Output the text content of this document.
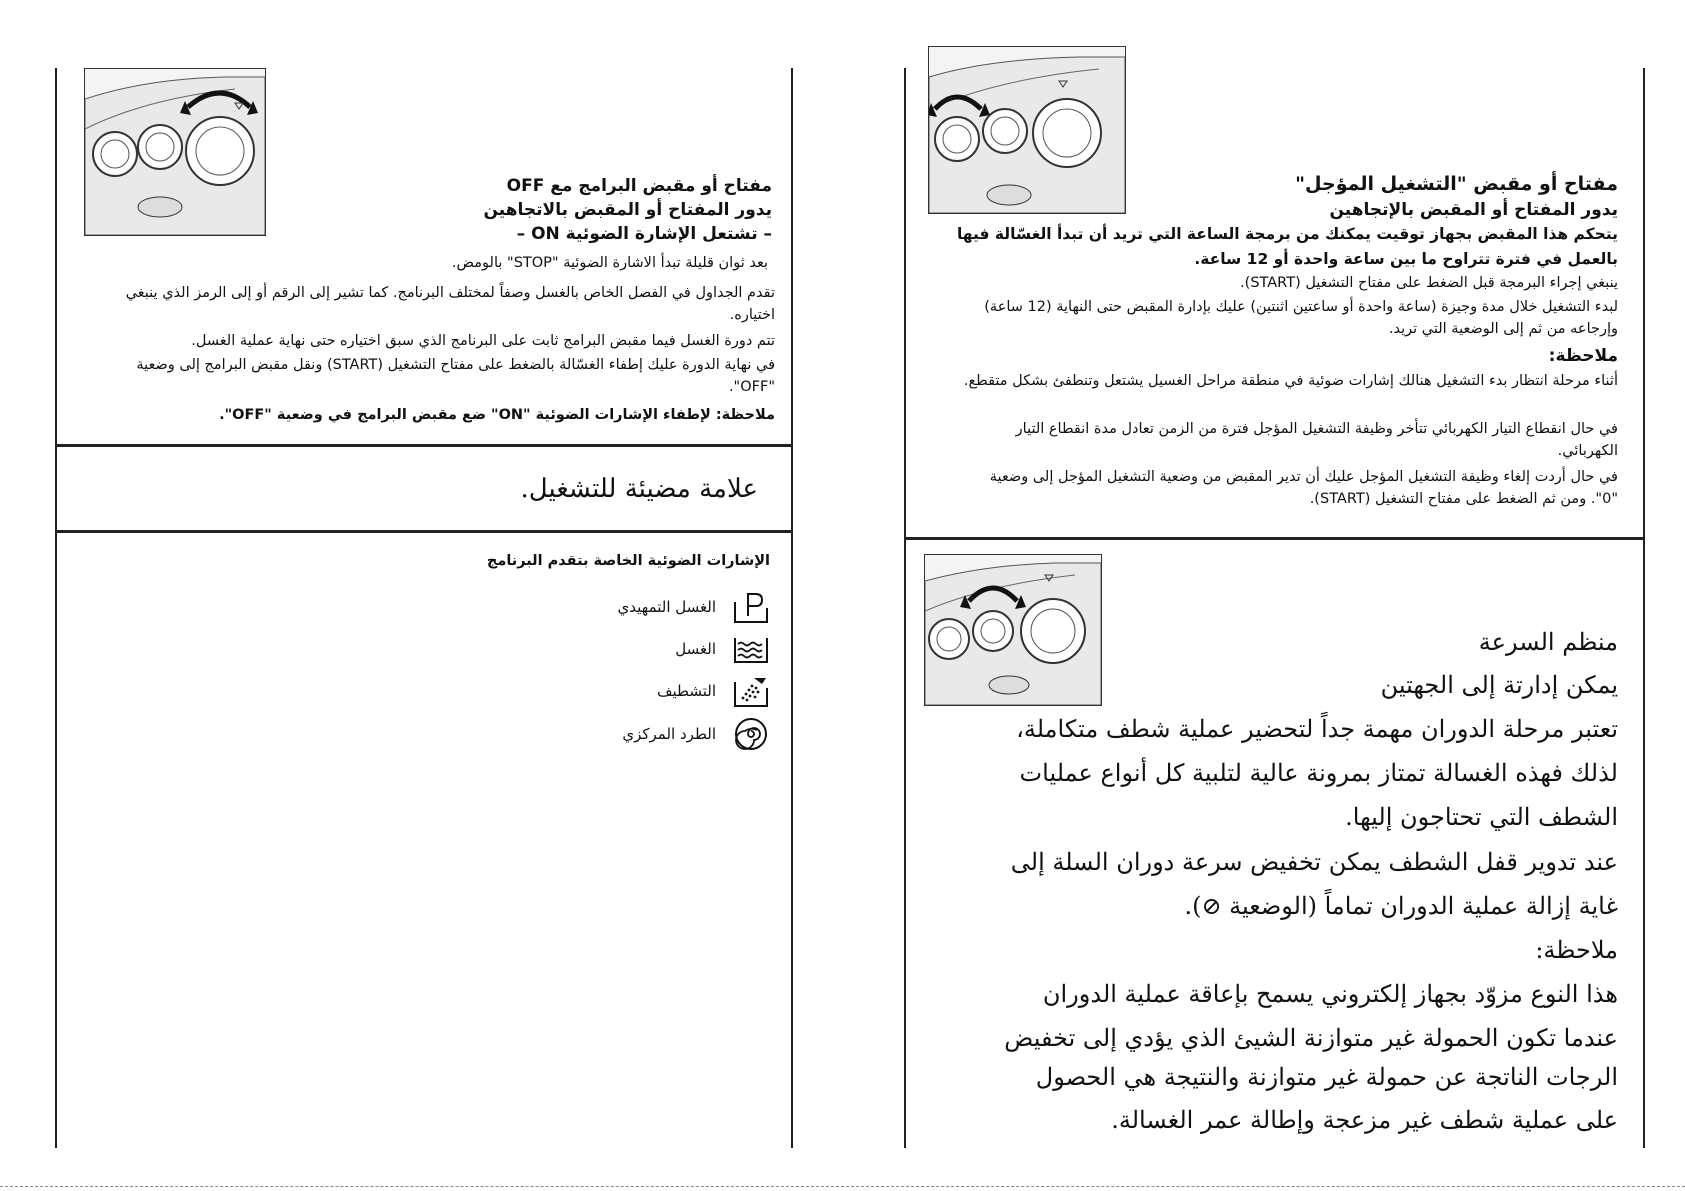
مفتاح أو مقبض البرامج مع OFF
يدور المفتاح أو المقبض بالاتجاهين
– تشتعل الإشارة الضوئية ON –
بعد ثوان قليلة تبدأ الاشارة الضوئية "STOP" بالومض.
تقدم الجداول في الفصل الخاص بالغسل وصفاً لمختلف البرنامج. كما تشير إلى الرقم أو إلى الرمز الذي ينبغي اختياره.
تتم دورة الغسل فيما مقبض البرامج ثابت على البرنامج الذي سبق اختياره حتى نهاية عملية الغسل.
في نهاية الدورة عليك إطفاء الغسّالة بالضغط على مفتاح التشغيل (START) ونقل مقبض البرامج إلى وضعية "OFF".
ملاحظة: لإطفاء الإشارات الضوئية "ON" ضع مقبض البرامج في وضعية "OFF".
علامة مضيئة للتشغيل.
الإشارات الضوئية الخاصة بتقدم البرنامج
الغسل التمهيدي
الغسل
التشطيف
الطرد المركزي
مفتاح أو مقبض "التشغيل المؤجل"
يدور المفتاح أو المقبض بالإتجاهين
يتحكم هذا المقبض بجهاز توقيت يمكنك من برمجة الساعة التي تريد أن تبدأ الغسّالة فيها بالعمل في فترة تتراوح ما بين ساعة واحدة أو 12 ساعة.
ينبغي إجراء البرمجة قبل الضغط على مفتاح التشغيل (START).
لبدء التشغيل خلال مدة وجيزة (ساعة واحدة أو ساعتين اثنتين) عليك بإدارة المقبض حتى النهاية (12 ساعة) وإرجاعه من ثم إلى الوضعية التي تريد.
ملاحظة:
أثناء مرحلة انتظار بدء التشغيل هنالك إشارات ضوئية في منطقة مراحل الغسيل يشتعل وتنطفئ بشكل متقطع.
في حال انقطاع التيار الكهربائي تتأخر وظيفة التشغيل المؤجل فترة من الزمن تعادل مدة انقطاع التيار الكهربائي.
في حال أردت إلغاء وظيفة التشغيل المؤجل عليك أن تدير المقبض من وضعية التشغيل المؤجل إلى وضعية "0". ومن ثم الضغط على مفتاح التشغيل (START).
منظم السرعة
يمكن إدارتة إلى الجهتين
تعتبر مرحلة الدوران مهمة جداً لتحضير عملية شطف متكاملة،
لذلك فهذه الغسالة تمتاز بمرونة عالية لتلبية كل أنواع عمليات
الشطف التي تحتاجون إليها.
عند تدوير قفل الشطف يمكن تخفيض سرعة دوران السلة إلى
غاية إزالة عملية الدوران تماماً (الوضعية ⊘).
ملاحظة:
هذا النوع مزوّد بجهاز إلكتروني يسمح بإعاقة عملية الدوران
عندما تكون الحمولة غير متوازنة الشيئ الذي يؤدي إلى تخفيض
الرجات الناتجة عن حمولة غير متوازنة والنتيجة هي الحصول
على عملية شطف غير مزعجة وإطالة عمر الغسالة.
